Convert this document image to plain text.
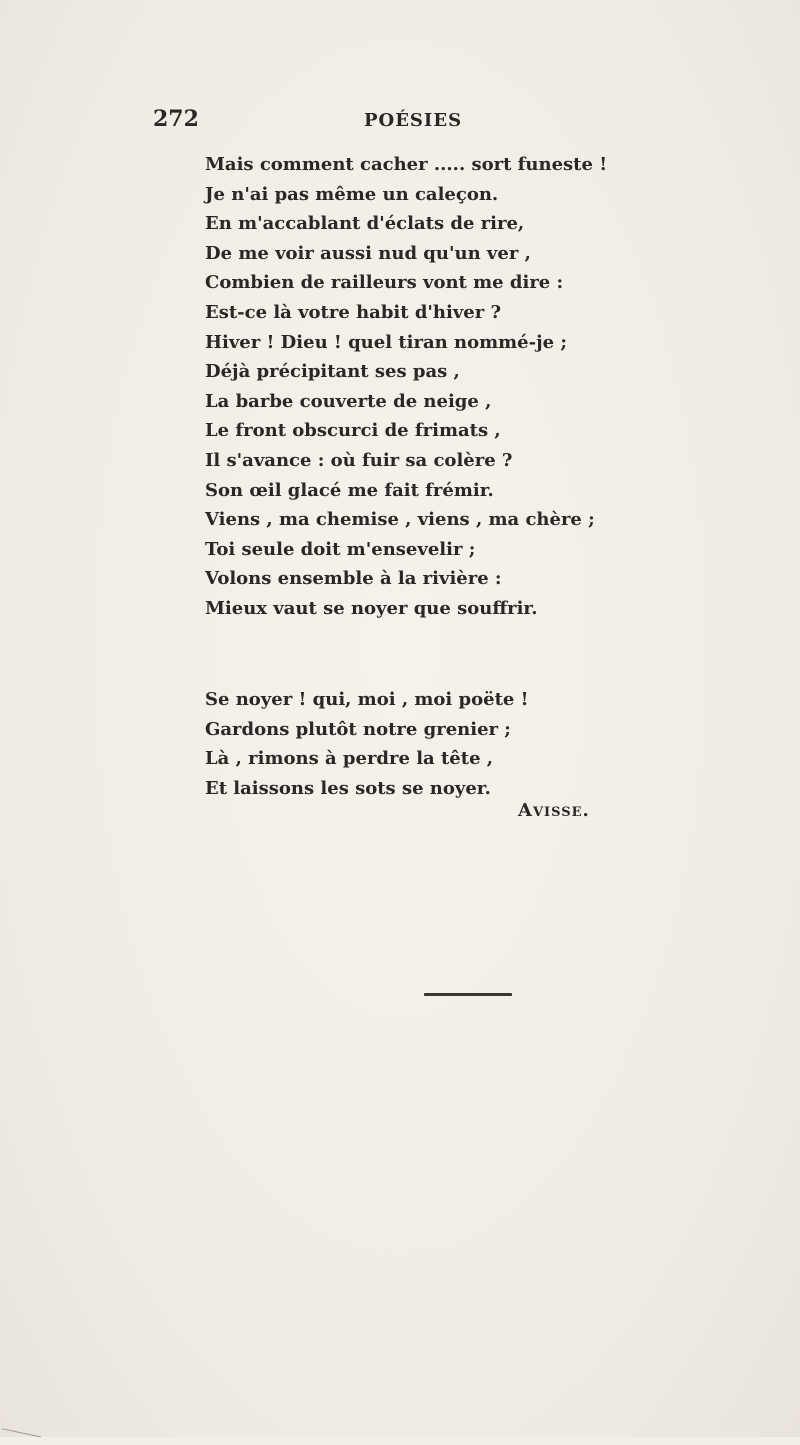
272	POÉSIES
Mais comment cacher ..... sort funeste !
Je n'ai pas même un caleçon.
En m'accablant d'éclats de rire,
De me voir aussi nud qu'un ver ,
Combien de railleurs vont me dire :
Est-ce là votre habit d'hiver ?
Hiver ! Dieu ! quel tiran nommé-je ;
Déjà précipitant ses pas ,
La barbe couverte de neige ,
Le front obscurci de frimats ,
Il s'avance : où fuir sa colère ?
Son œil glacé me fait frémir.
Viens , ma chemise , viens , ma chère ;
Toi seule doit m'ensevelir ;
Volons ensemble à la rivière :
Mieux vaut se noyer que souffrir.
Se noyer ! qui, moi , moi poëte !
Gardons plutôt notre grenier ;
Là , rimons à perdre la tête ,
Et laissons les sots se noyer.
Avisse.
